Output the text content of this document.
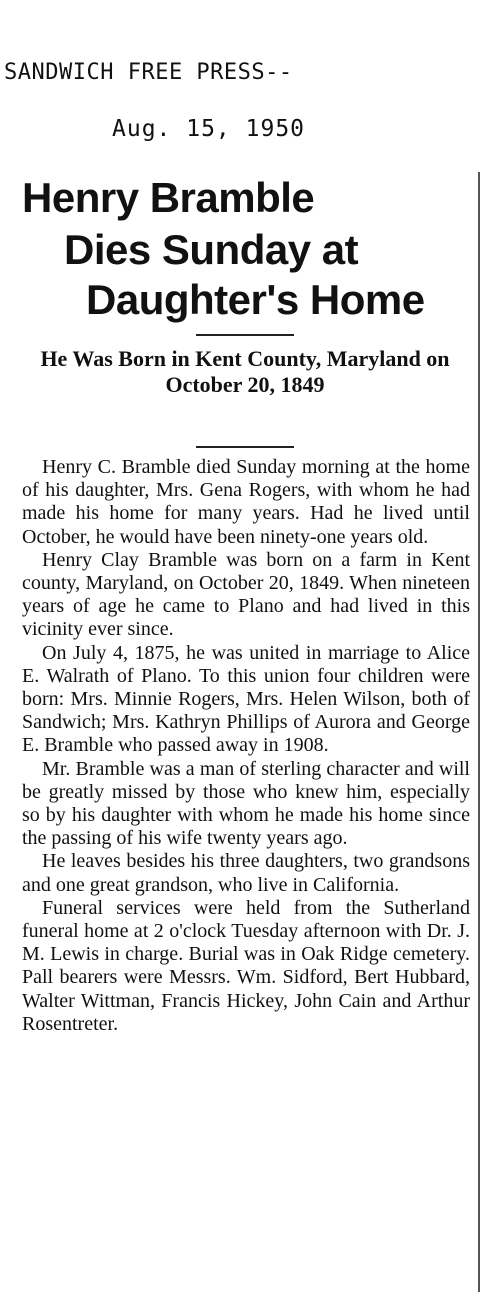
SANDWICH FREE PRESS--
Aug. 15, 1950
Henry Bramble
Dies Sunday at
Daughter's Home
He Was Born in Kent County, Maryland on October 20, 1849

Henry C. Bramble died Sunday morning at the home of his daughter, Mrs. Gena Rogers, with whom he had made his home for many years. Had he lived until October, he would have been ninety-one years old.

Henry Clay Bramble was born on a farm in Kent county, Maryland, on October 20, 1849. When nineteen years of age he came to Plano and had lived in this vicinity ever since.

On July 4, 1875, he was united in marriage to Alice E. Walrath of Plano. To this union four children were born: Mrs. Minnie Rogers, Mrs. Helen Wilson, both of Sandwich; Mrs. Kathryn Phillips of Aurora and George E. Bramble who passed away in 1908.

Mr. Bramble was a man of sterling character and will be greatly missed by those who knew him, especially so by his daughter with whom he made his home since the passing of his wife twenty years ago.

He leaves besides his three daughters, two grandsons and one great grandson, who live in California.

Funeral services were held from the Sutherland funeral home at 2 o'clock Tuesday afternoon with Dr. J. M. Lewis in charge. Burial was in Oak Ridge cemetery. Pall bearers were Messrs. Wm. Sidford, Bert Hubbard, Walter Wittman, Francis Hickey, John Cain and Arthur Rosentreter.
